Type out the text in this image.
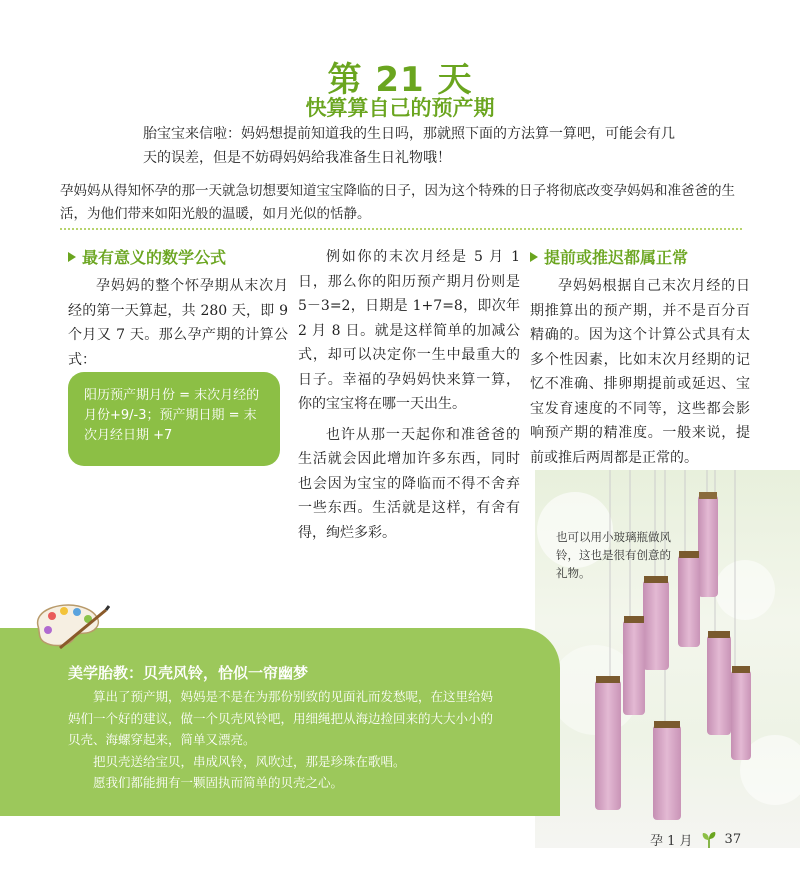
第 21 天
快算算自己的预产期
胎宝宝来信啦：妈妈想提前知道我的生日吗，那就照下面的方法算一算吧，可能会有几天的误差，但是不妨碍妈妈给我准备生日礼物哦！
孕妈妈从得知怀孕的那一天就急切想要知道宝宝降临的日子，因为这个特殊的日子将彻底改变孕妈妈和准爸爸的生活，为他们带来如阳光般的温暖，如月光似的恬静。
最有意义的数学公式

孕妈妈的整个怀孕期从末次月经的第一天算起，共 280 天，即 9 个月又 7 天。那么孕产期的计算公式：

阳历预产期月份 = 末次月经的月份+9/-3；预产期日期 = 末次月经日期 +7

例如你的末次月经是 5 月 1 日，那么你的阳历预产期月份则是 5－3=2，日期是 1+7=8，即次年 2 月 8 日。就是这样简单的加减公式，却可以决定你一生中最重大的日子。幸福的孕妈妈快来算一算，你的宝宝将在哪一天出生。

也许从那一天起你和准爸爸的生活就会因此增加许多东西，同时也会因为宝宝的降临而不得不舍弃一些东西。生活就是这样，有舍有得，绚烂多彩。

提前或推迟都属正常

孕妈妈根据自己末次月经的日期推算出的预产期，并不是百分百精确的。因为这个计算公式具有太多个性因素，比如末次月经期的记忆不准确、排卵期提前或延迟、宝宝发育速度的不同等，这些都会影响预产期的精准度。一般来说，提前或推后两周都是正常的。

也可以用小玻璃瓶做风铃，这也是很有创意的礼物。
美学胎教：贝壳风铃，恰似一帘幽梦

算出了预产期，妈妈是不是在为那份别致的见面礼而发愁呢，在这里给妈妈们一个好的建议，做一个贝壳风铃吧，用细绳把从海边捡回来的大大小小的贝壳、海螺穿起来，简单又漂亮。

把贝壳送给宝贝，串成风铃，风吹过，那是珍珠在歌唱。

愿我们都能拥有一颗固执而简单的贝壳之心。

孕 1 月 37
